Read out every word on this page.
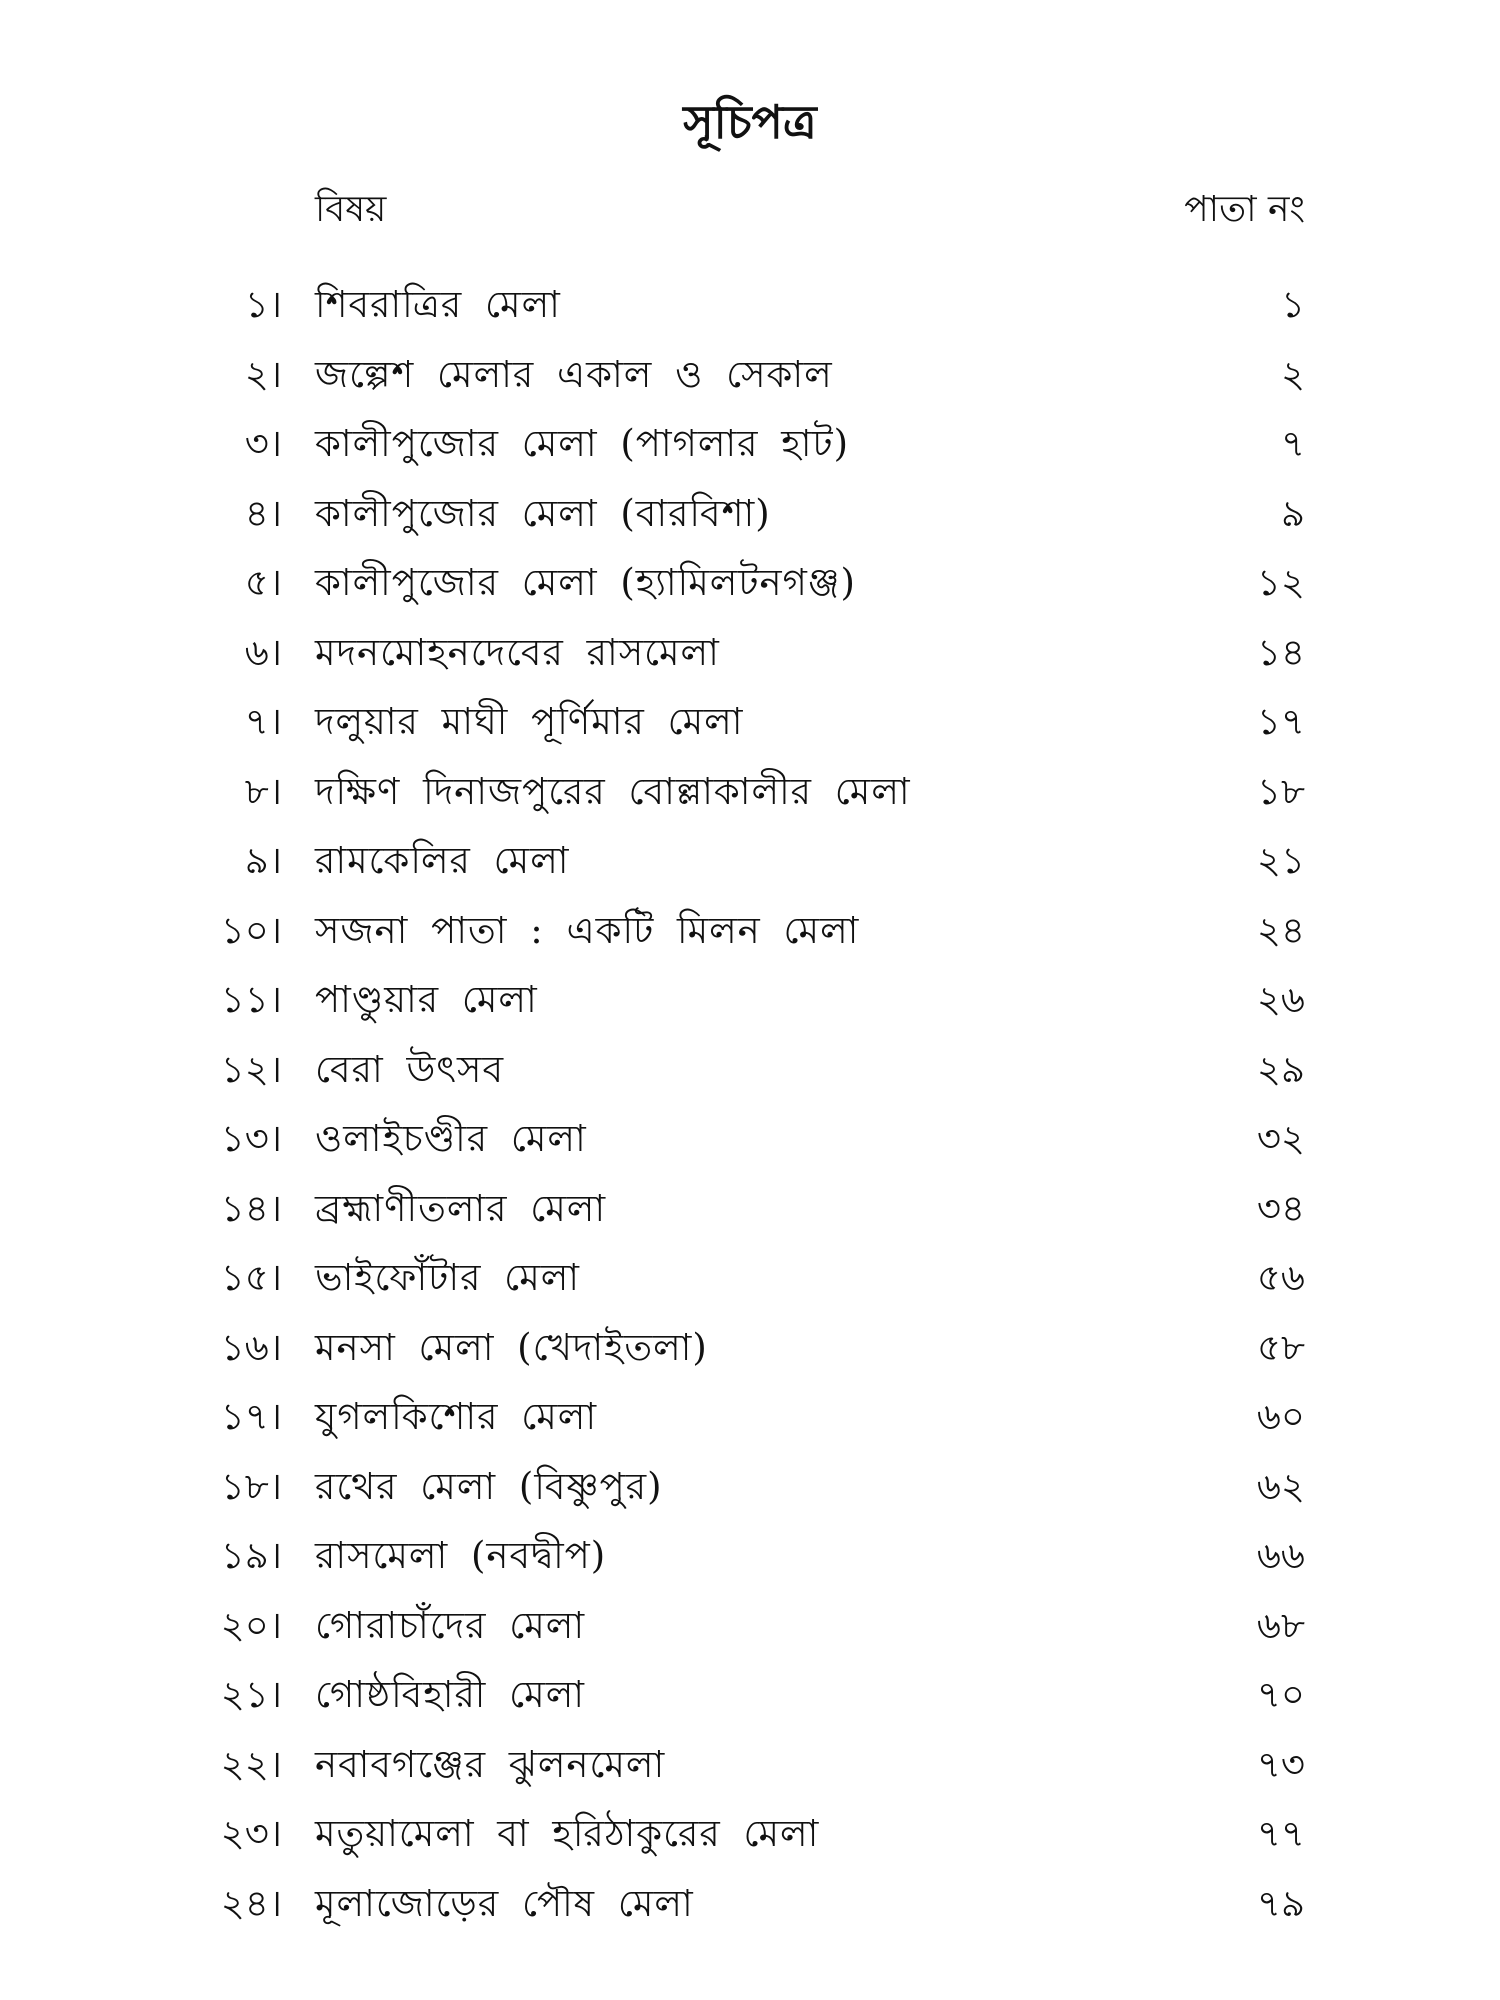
সূচিপত্র
বিষয়	পাতা নং
১। শিবরাত্রির মেলা	১
২। জল্পেশ মেলার একাল ও সেকাল	২
৩। কালীপুজোর মেলা (পাগলার হাট)	৭
৪। কালীপুজোর মেলা (বারবিশা)	৯
৫। কালীপুজোর মেলা (হ্যামিলটনগঞ্জ)	১২
৬। মদনমোহনদেবের রাসমেলা	১৪
৭। দলুয়ার মাঘী পূর্ণিমার মেলা	১৭
৮। দক্ষিণ দিনাজপুরের বোল্লাকালীর মেলা	১৮
৯। রামকেলির মেলা	২১
১০। সজনা পাতা : একটি মিলন মেলা	২৪
১১। পাণ্ডুয়ার মেলা	২৬
১২। বেরা উৎসব	২৯
১৩। ওলাইচণ্ডীর মেলা	৩২
১৪। ব্রহ্মাণীতলার মেলা	৩৪
১৫। ভাইফোঁটার মেলা	৫৬
১৬। মনসা মেলা (খেদাইতলা)	৫৮
১৭। যুগলকিশোর মেলা	৬০
১৮। রথের মেলা (বিষ্ণুপুর)	৬২
১৯। রাসমেলা (নবদ্বীপ)	৬৬
২০। গোরাচাঁদের মেলা	৬৮
২১। গোষ্ঠবিহারী মেলা	৭০
২২। নবাবগঞ্জের ঝুলনমেলা	৭৩
২৩। মতুয়ামেলা বা হরিঠাকুরের মেলা	৭৭
২৪। মূলাজোড়ের পৌষ মেলা	৭৯
